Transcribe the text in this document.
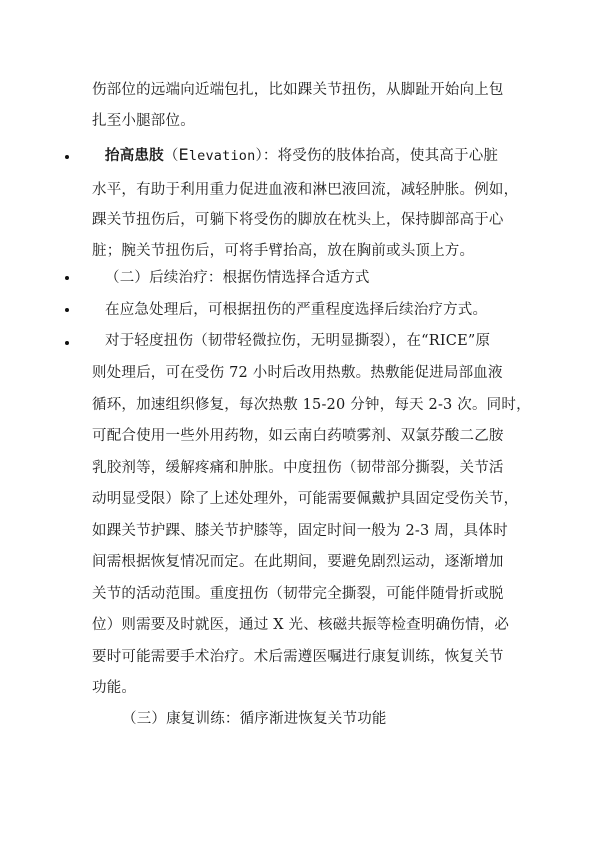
伤部位的远端向近端包扎，比如踝关节扭伤，从脚趾开始向上包
扎至小腿部位。
抬高患肢（Elevation）：将受伤的肢体抬高，使其高于心脏
水平，有助于利用重力促进血液和淋巴液回流，减轻肿胀。例如，
踝关节扭伤后，可躺下将受伤的脚放在枕头上，保持脚部高于心
脏；腕关节扭伤后，可将手臂抬高，放在胸前或头顶上方。
（二）后续治疗：根据伤情选择合适方式
在应急处理后，可根据扭伤的严重程度选择后续治疗方式。
对于轻度扭伤（韧带轻微拉伤，无明显撕裂），在“RICE”原
则处理后，可在受伤 72 小时后改用热敷。热敷能促进局部血液
循环，加速组织修复，每次热敷 15-20 分钟，每天 2-3 次。同时，
可配合使用一些外用药物，如云南白药喷雾剂、双氯芬酸二乙胺
乳胶剂等，缓解疼痛和肿胀。中度扭伤（韧带部分撕裂，关节活
动明显受限）除了上述处理外，可能需要佩戴护具固定受伤关节，
如踝关节护踝、膝关节护膝等，固定时间一般为 2-3 周，具体时
间需根据恢复情况而定。在此期间，要避免剧烈运动，逐渐增加
关节的活动范围。重度扭伤（韧带完全撕裂，可能伴随骨折或脱
位）则需要及时就医，通过 X 光、核磁共振等检查明确伤情，必
要时可能需要手术治疗。术后需遵医嘱进行康复训练，恢复关节
功能。
（三）康复训练：循序渐进恢复关节功能
